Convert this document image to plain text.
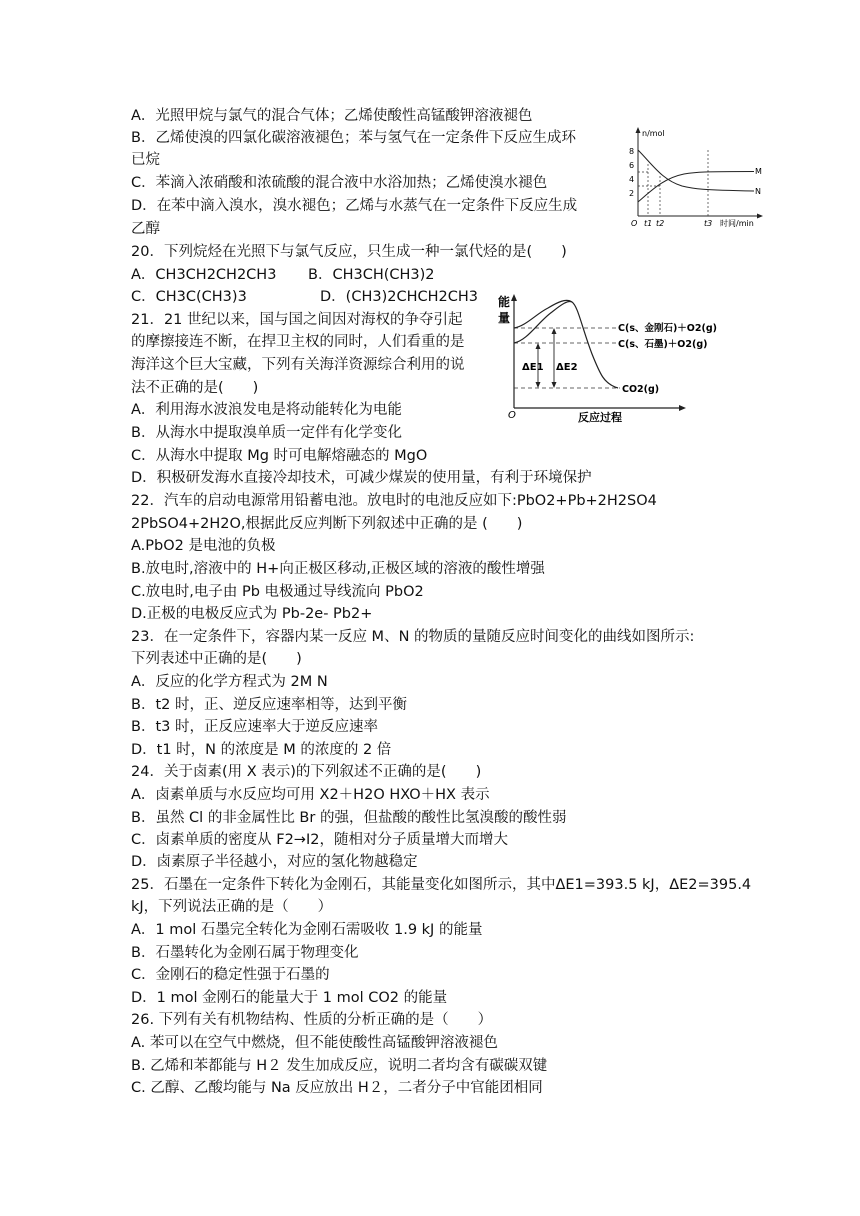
A．光照甲烷与氯气的混合气体；乙烯使酸性高锰酸钾溶液褪色
B．乙烯使溴的四氯化碳溶液褪色；苯与氢气在一定条件下反应生成环
已烷
C．苯滴入浓硝酸和浓硫酸的混合液中水浴加热；乙烯使溴水褪色
D．在苯中滴入溴水，溴水褪色；乙烯与水蒸气在一定条件下反应生成
乙醇
20．下列烷烃在光照下与氯气反应，只生成一种一氯代烃的是(　　)
A．CH3CH2CH2CH3 B．CH3CH(CH3)2
C．CH3C(CH3)3	D．(CH3)2CHCH2CH3
21．21 世纪以来，国与国之间因对海权的争夺引起
的摩擦接连不断，在捍卫主权的同时，人们看重的是
海洋这个巨大宝藏，下列有关海洋资源综合利用的说
法不正确的是(　　)
A．利用海水波浪发电是将动能转化为电能
B．从海水中提取溴单质一定伴有化学变化
C．从海水中提取 Mg 时可电解熔融态的 MgO
D．积极研发海水直接冷却技术，可减少煤炭的使用量，有利于环境保护
22．汽车的启动电源常用铅蓄电池。放电时的电池反应如下:PbO2+Pb+2H2SO4
2PbSO4+2H2O,根据此反应判断下列叙述中正确的是 (　　)
A.PbO2 是电池的负极
B.放电时,溶液中的 H+向正极区移动,正极区域的溶液的酸性增强
C.放电时,电子由 Pb 电极通过导线流向 PbO2
D.正极的电极反应式为 Pb-2e- Pb2+
23．在一定条件下，容器内某一反应 M、N 的物质的量随反应时间变化的曲线如图所示:
下列表述中正确的是(　　)
A．反应的化学方程式为 2M N
B．t2 时，正、逆反应速率相等，达到平衡
B．t3 时，正反应速率大于逆反应速率
D．t1 时，N 的浓度是 M 的浓度的 2 倍
24．关于卤素(用 X 表示)的下列叙述不正确的是(　　)
A．卤素单质与水反应均可用 X2＋H2O HXO＋HX 表示
B．虽然 Cl 的非金属性比 Br 的强，但盐酸的酸性比氢溴酸的酸性弱
C．卤素单质的密度从 F2→I2，随相对分子质量增大而增大
D．卤素原子半径越小，对应的氢化物越稳定
25．石墨在一定条件下转化为金刚石，其能量变化如图所示，其中ΔE1=393.5 kJ，ΔE2=395.4
kJ，下列说法正确的是（　　）
A．1 mol 石墨完全转化为金刚石需吸收 1.9 kJ 的能量
B．石墨转化为金刚石属于物理变化
C．金刚石的稳定性强于石墨的
D．1 mol 金刚石的能量大于 1 mol CO2 的能量
26. 下列有关有机物结构、性质的分析正确的是（　　）
A. 苯可以在空气中燃烧，但不能使酸性高锰酸钾溶液褪色
B. 乙烯和苯都能与 H２ 发生加成反应，说明二者均含有碳碳双键
C. 乙醇、乙酸均能与 Na 反应放出 H２，二者分子中官能团相同
n/mol
8
6
4
2
M
N
O t1 t2	t3 时间/min
能
量
O	反应过程
ΔE1 ΔE2
C(s、金刚石)＋O2(g)
C(s、石墨)＋O2(g)
CO2(g)
